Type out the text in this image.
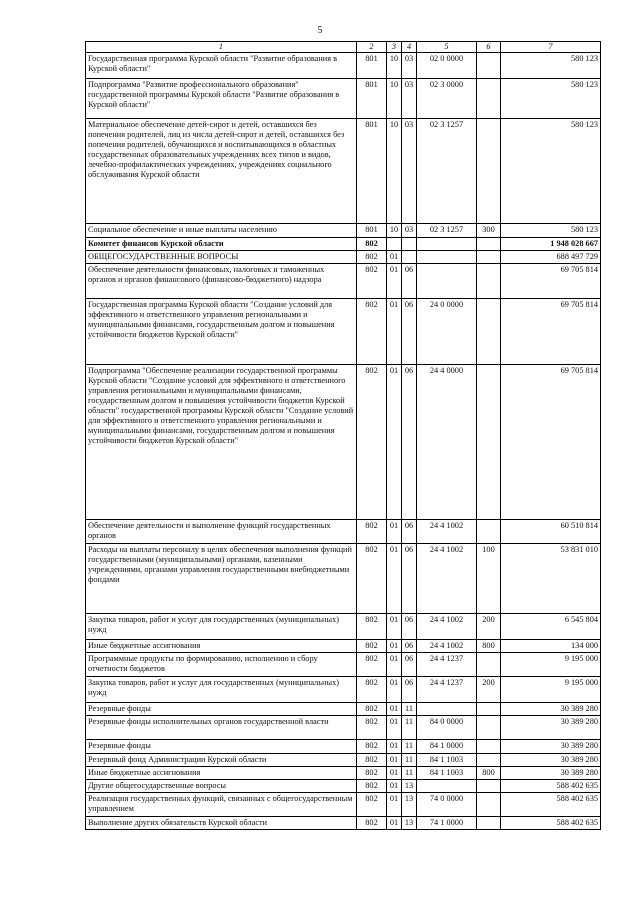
5
1	2	3	4	5	6	7
Государственная программа Курской области "Развитие образования в Курской области"	801	10	03	02 0 0000		580 123
Подпрограмма "Развитие профессионального образования" государственной программы Курской области "Развитие образования в Курской области"	801	10	03	02 3 0000		580 123
Материальное обеспечение детей-сирот и детей, оставшихся без попечения родителей, лиц из числа детей-сирот и детей, оставшихся без попечения родителей, обучающихся и воспитывающихся в областных государственных образовательных учреждениях всех типов и видов, лечебно-профилактических учреждениях, учреждениях социального обслуживания Курской области	801	10	03	02 3 1257		580 123
Социальное обеспечение и иные выплаты населению	801	10	03	02 3 1257	300	580 123
Комитет финансов Курской области	802					1 948 028 667
ОБЩЕГОСУДАРСТВЕННЫЕ ВОПРОСЫ	802	01				688 497 729
Обеспечение деятельности финансовых, налоговых и таможенных органов и органов финансового (финансово-бюджетного) надзора	802	01	06			69 705 814
Государственная программа Курской области "Создание условий для эффективного и ответственного управления региональными и муниципальными финансами, государственным долгом и повышения устойчивости бюджетов Курской области"	802	01	06	24 0 0000		69 705 814
Подпрограмма "Обеспечение реализации государственной программы Курской области "Создание условий для эффективного и ответственного управления региональными и муниципальными финансами, государственным долгом и повышения устойчивости бюджетов Курской области" государственной программы Курской области "Создание условий для эффективного и ответственного управления региональными и муниципальными финансами, государственным долгом и повышения устойчивости бюджетов Курской области"	802	01	06	24 4 0000		69 705 814
Обеспечение деятельности и выполнение функций государственных органов	802	01	06	24 4 1002		60 510 814
Расходы на выплаты персоналу в целях обеспечения выполнения функций государственными (муниципальными) органами, казенными учреждениями, органами управления государственными внебюджетными фондами	802	01	06	24 4 1002	100	53 831 010
Закупка товаров, работ и услуг для государственных (муниципальных) нужд	802	01	06	24 4 1002	200	6 545 804
Иные бюджетные ассигнования	802	01	06	24 4 1002	800	134 000
Программные продукты по формированию, исполнению и сбору отчетности бюджетов	802	01	06	24 4 1237		9 195 000
Закупка товаров, работ и услуг для государственных (муниципальных) нужд	802	01	06	24 4 1237	200	9 195 000
Резервные фонды	802	01	11			30 389 280
Резервные фонды исполнительных органов государственной власти	802	01	11	84 0 0000		30 389 280
Резервные фонды	802	01	11	84 1 0000		30 389 280
Резервный фонд Администрации Курской области	802	01	11	84 1 1003		30 389 280
Иные бюджетные ассигнования	802	01	11	84 1 1003	800	30 389 280
Другие общегосударственные вопросы	802	01	13			588 402 635
Реализация государственных функций, связанных с общегосударственным управлением	802	01	13	74 0 0000		588 402 635
Выполнение других обязательств Курской области	802	01	13	74 1 0000		588 402 635
